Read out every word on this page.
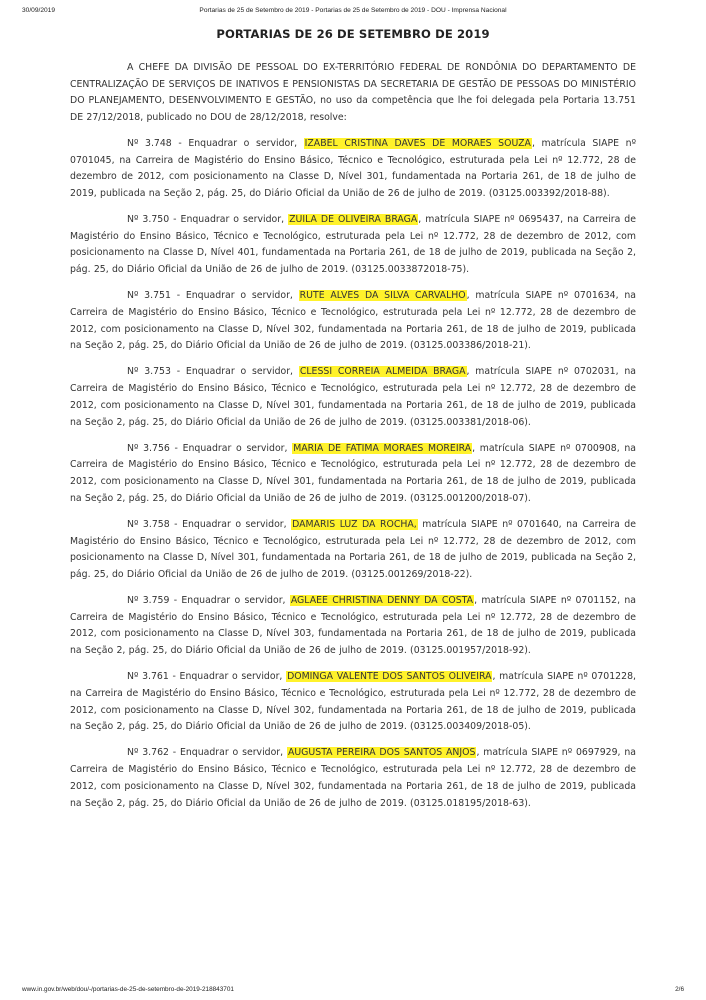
30/09/2019	Portarias de 25 de Setembro de 2019 - Portarias de 25 de Setembro de 2019 - DOU - Imprensa Nacional
PORTARIAS DE 26 DE SETEMBRO DE 2019

A CHEFE DA DIVISÃO DE PESSOAL DO EX-TERRITÓRIO FEDERAL DE RONDÔNIA DO DEPARTAMENTO DE CENTRALIZAÇÃO DE SERVIÇOS DE INATIVOS E PENSIONISTAS DA SECRETARIA DE GESTÃO DE PESSOAS DO MINISTÉRIO DO PLANEJAMENTO, DESENVOLVIMENTO E GESTÃO, no uso da competência que lhe foi delegada pela Portaria 13.751 DE 27/12/2018, publicado no DOU de 28/12/2018, resolve:

Nº 3.748 - Enquadrar o servidor, IZABEL CRISTINA DAVES DE MORAES SOUZA, matrícula SIAPE nº 0701045, na Carreira de Magistério do Ensino Básico, Técnico e Tecnológico, estruturada pela Lei nº 12.772, 28 de dezembro de 2012, com posicionamento na Classe D, Nível 301, fundamentada na Portaria 261, de 18 de julho de 2019, publicada na Seção 2, pág. 25, do Diário Oficial da União de 26 de julho de 2019. (03125.003392/2018-88).

Nº 3.750 - Enquadrar o servidor, ZUILA DE OLIVEIRA BRAGA, matrícula SIAPE nº 0695437, na Carreira de Magistério do Ensino Básico, Técnico e Tecnológico, estruturada pela Lei nº 12.772, 28 de dezembro de 2012, com posicionamento na Classe D, Nível 401, fundamentada na Portaria 261, de 18 de julho de 2019, publicada na Seção 2, pág. 25, do Diário Oficial da União de 26 de julho de 2019. (03125.0033872018-75).

Nº 3.751 - Enquadrar o servidor, RUTE ALVES DA SILVA CARVALHO, matrícula SIAPE nº 0701634, na Carreira de Magistério do Ensino Básico, Técnico e Tecnológico, estruturada pela Lei nº 12.772, 28 de dezembro de 2012, com posicionamento na Classe D, Nível 302, fundamentada na Portaria 261, de 18 de julho de 2019, publicada na Seção 2, pág. 25, do Diário Oficial da União de 26 de julho de 2019. (03125.003386/2018-21).

Nº 3.753 - Enquadrar o servidor, CLESSI CORREIA ALMEIDA BRAGA, matrícula SIAPE nº 0702031, na Carreira de Magistério do Ensino Básico, Técnico e Tecnológico, estruturada pela Lei nº 12.772, 28 de dezembro de 2012, com posicionamento na Classe D, Nível 301, fundamentada na Portaria 261, de 18 de julho de 2019, publicada na Seção 2, pág. 25, do Diário Oficial da União de 26 de julho de 2019. (03125.003381/2018-06).

Nº 3.756 - Enquadrar o servidor, MARIA DE FATIMA MORAES MOREIRA, matrícula SIAPE nº 0700908, na Carreira de Magistério do Ensino Básico, Técnico e Tecnológico, estruturada pela Lei nº 12.772, 28 de dezembro de 2012, com posicionamento na Classe D, Nível 301, fundamentada na Portaria 261, de 18 de julho de 2019, publicada na Seção 2, pág. 25, do Diário Oficial da União de 26 de julho de 2019. (03125.001200/2018-07).

Nº 3.758 - Enquadrar o servidor, DAMARIS LUZ DA ROCHA, matrícula SIAPE nº 0701640, na Carreira de Magistério do Ensino Básico, Técnico e Tecnológico, estruturada pela Lei nº 12.772, 28 de dezembro de 2012, com posicionamento na Classe D, Nível 301, fundamentada na Portaria 261, de 18 de julho de 2019, publicada na Seção 2, pág. 25, do Diário Oficial da União de 26 de julho de 2019. (03125.001269/2018-22).

Nº 3.759 - Enquadrar o servidor, AGLAEE CHRISTINA DENNY DA COSTA, matrícula SIAPE nº 0701152, na Carreira de Magistério do Ensino Básico, Técnico e Tecnológico, estruturada pela Lei nº 12.772, 28 de dezembro de 2012, com posicionamento na Classe D, Nível 303, fundamentada na Portaria 261, de 18 de julho de 2019, publicada na Seção 2, pág. 25, do Diário Oficial da União de 26 de julho de 2019. (03125.001957/2018-92).

Nº 3.761 - Enquadrar o servidor, DOMINGA VALENTE DOS SANTOS OLIVEIRA, matrícula SIAPE nº 0701228, na Carreira de Magistério do Ensino Básico, Técnico e Tecnológico, estruturada pela Lei nº 12.772, 28 de dezembro de 2012, com posicionamento na Classe D, Nível 302, fundamentada na Portaria 261, de 18 de julho de 2019, publicada na Seção 2, pág. 25, do Diário Oficial da União de 26 de julho de 2019. (03125.003409/2018-05).

Nº 3.762 - Enquadrar o servidor, AUGUSTA PEREIRA DOS SANTOS ANJOS, matrícula SIAPE nº 0697929, na Carreira de Magistério do Ensino Básico, Técnico e Tecnológico, estruturada pela Lei nº 12.772, 28 de dezembro de 2012, com posicionamento na Classe D, Nível 302, fundamentada na Portaria 261, de 18 de julho de 2019, publicada na Seção 2, pág. 25, do Diário Oficial da União de 26 de julho de 2019. (03125.018195/2018-63).

www.in.gov.br/web/dou/-/portarias-de-25-de-setembro-de-2019-218843701	2/6
